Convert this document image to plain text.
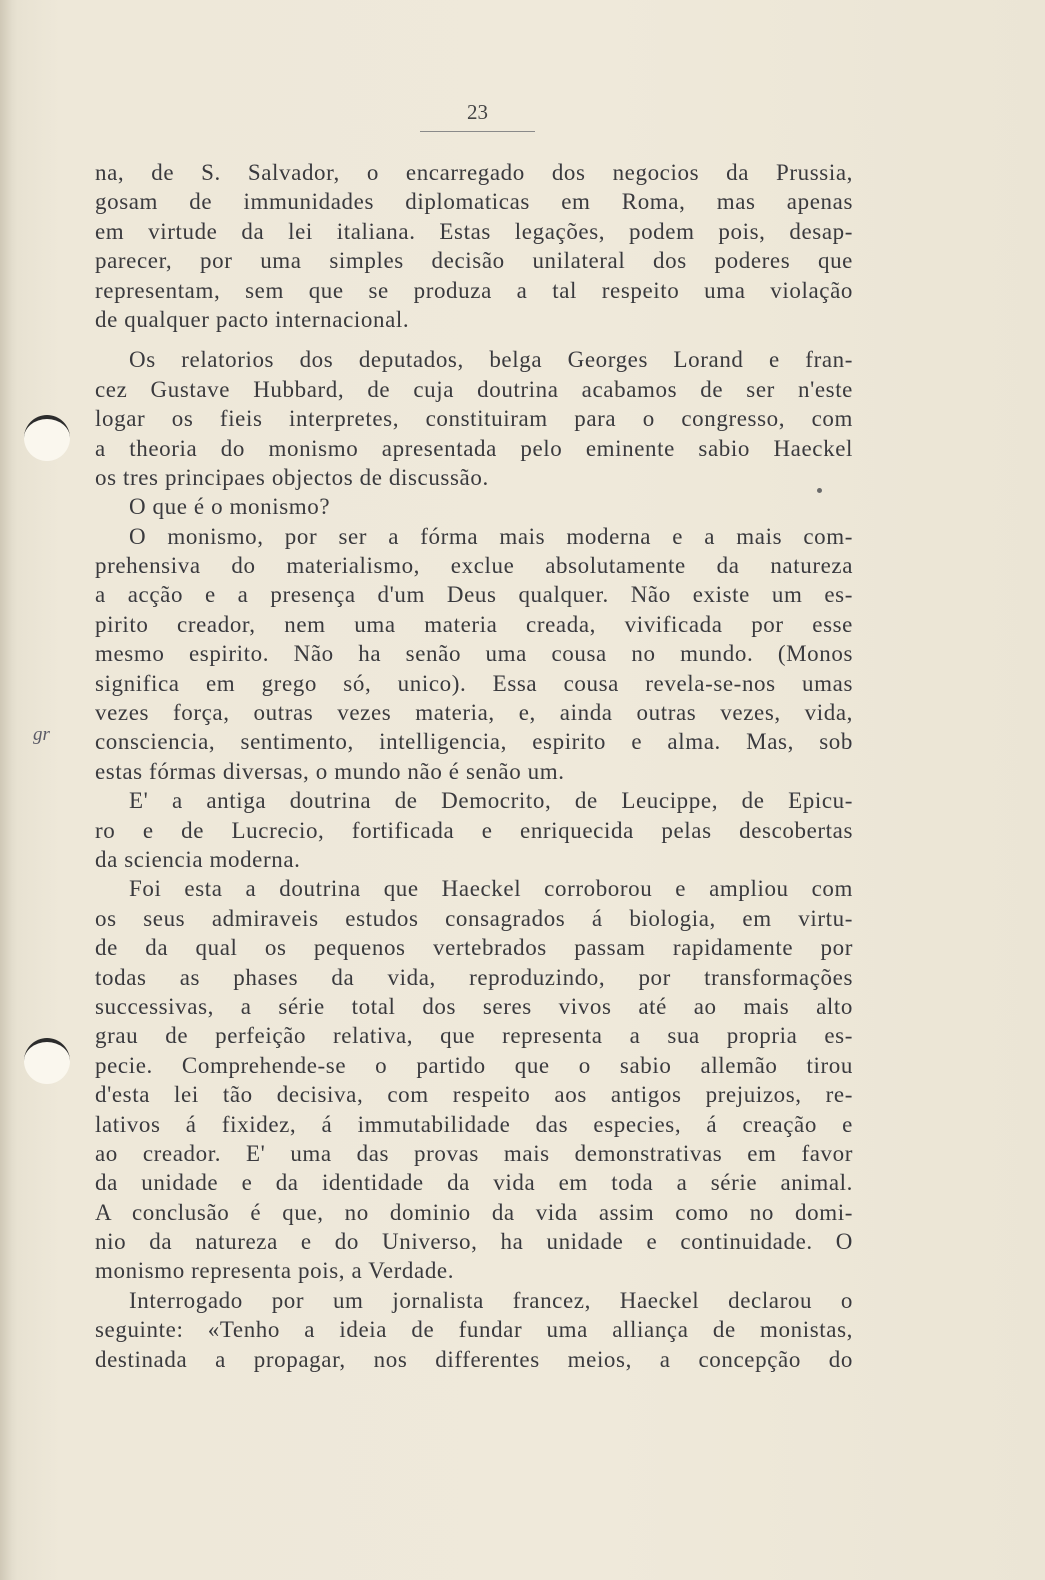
23
gr
na, de S. Salvador, o encarregado dos negocios da Prussia,
gosam de immunidades diplomaticas em Roma, mas apenas
em virtude da lei italiana. Estas legações, podem pois, desap-
parecer, por uma simples decisão unilateral dos poderes que
representam, sem que se produza a tal respeito uma violação
de qualquer pacto internacional.
Os relatorios dos deputados, belga Georges Lorand e fran-
cez Gustave Hubbard, de cuja doutrina acabamos de ser n'este
logar os fieis interpretes, constituiram para o congresso, com
a theoria do monismo apresentada pelo eminente sabio Haeckel
os tres principaes objectos de discussão.
O que é o monismo?
O monismo, por ser a fórma mais moderna e a mais com-
prehensiva do materialismo, exclue absolutamente da natureza
a acção e a presença d'um Deus qualquer. Não existe um es-
pirito creador, nem uma materia creada, vivificada por esse
mesmo espirito. Não ha senão uma cousa no mundo. (Monos
significa em grego só, unico). Essa cousa revela-se-nos umas
vezes força, outras vezes materia, e, ainda outras vezes, vida,
consciencia, sentimento, intelligencia, espirito e alma. Mas, sob
estas fórmas diversas, o mundo não é senão um.
E' a antiga doutrina de Democrito, de Leucippe, de Epicu-
ro e de Lucrecio, fortificada e enriquecida pelas descobertas
da sciencia moderna.
Foi esta a doutrina que Haeckel corroborou e ampliou com
os seus admiraveis estudos consagrados á biologia, em virtu-
de da qual os pequenos vertebrados passam rapidamente por
todas as phases da vida, reproduzindo, por transformações
successivas, a série total dos seres vivos até ao mais alto
grau de perfeição relativa, que representa a sua propria es-
pecie. Comprehende-se o partido que o sabio allemão tirou
d'esta lei tão decisiva, com respeito aos antigos prejuizos, re-
lativos á fixidez, á immutabilidade das especies, á creação e
ao creador. E' uma das provas mais demonstrativas em favor
da unidade e da identidade da vida em toda a série animal.
A conclusão é que, no dominio da vida assim como no domi-
nio da natureza e do Universo, ha unidade e continuidade. O
monismo representa pois, a Verdade.
Interrogado por um jornalista francez, Haeckel declarou o
seguinte: «Tenho a ideia de fundar uma alliança de monistas,
destinada a propagar, nos differentes meios, a concepção do
